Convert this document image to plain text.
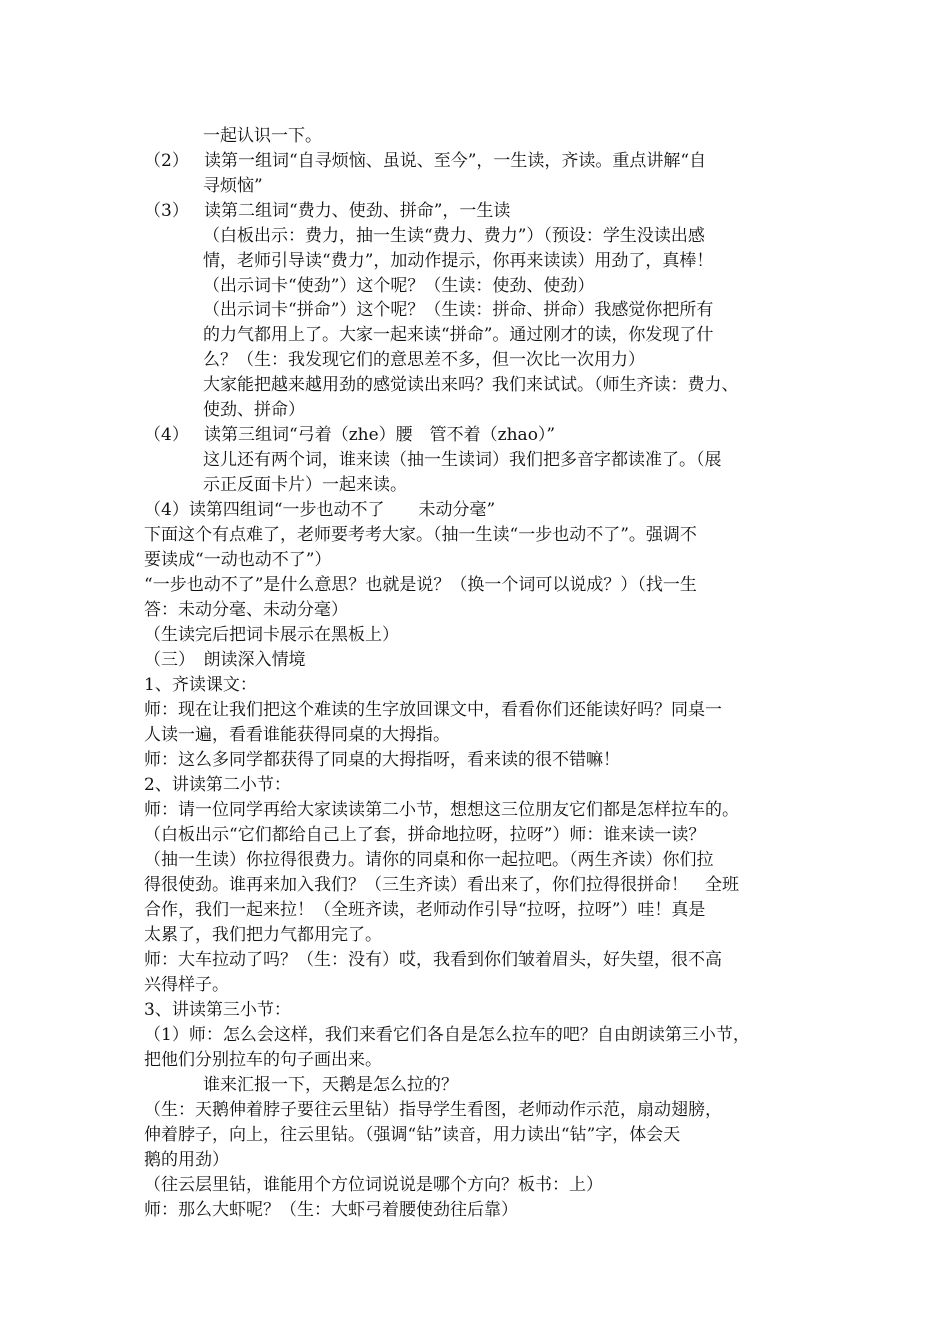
一起认识一下。
（2） 读第一组词“自寻烦恼、虽说、至今”，一生读，齐读。重点讲解“自
寻烦恼”
（3） 读第二组词“费力、使劲、拼命”，一生读
（白板出示：费力，抽一生读“费力、费力”）（预设：学生没读出感
情，老师引导读“费力”，加动作提示，你再来读读）用劲了，真棒！
（出示词卡“使劲”）这个呢？（生读：使劲、使劲）
（出示词卡“拼命”）这个呢？（生读：拼命、拼命）我感觉你把所有
的力气都用上了。大家一起来读“拼命”。通过刚才的读，你发现了什
么？（生：我发现它们的意思差不多，但一次比一次用力）
大家能把越来越用劲的感觉读出来吗？我们来试试。（师生齐读：费力、
使劲、拼命）
（4） 读第三组词“弓着（zhe）腰　管不着（zhao）”
这儿还有两个词，谁来读（抽一生读词）我们把多音字都读准了。（展
示正反面卡片）一起来读。
（4）读第四组词“一步也动不了　　未动分毫”
下面这个有点难了，老师要考考大家。（抽一生读“一步也动不了”。强调不
要读成“一动也动不了”）
“一步也动不了”是什么意思？也就是说？（换一个词可以说成？）（找一生
答：未动分毫、未动分毫）
（生读完后把词卡展示在黑板上）
（三）　朗读深入情境
1、齐读课文：
师：现在让我们把这个难读的生字放回课文中，看看你们还能读好吗？同桌一
人读一遍，看看谁能获得同桌的大拇指。
师：这么多同学都获得了同桌的大拇指呀，看来读的很不错嘛！
2、讲读第二小节：
师：请一位同学再给大家读读第二小节，想想这三位朋友它们都是怎样拉车的。
（白板出示“它们都给自己上了套，拼命地拉呀，拉呀”）师：谁来读一读？
（抽一生读）你拉得很费力。请你的同桌和你一起拉吧。（两生齐读）你们拉
得很使劲。谁再来加入我们？（三生齐读）看出来了，你们拉得很拼命！　全班
合作，我们一起来拉！（全班齐读，老师动作引导“拉呀，拉呀”）哇！真是
太累了，我们把力气都用完了。
师：大车拉动了吗？（生：没有）哎，我看到你们皱着眉头，好失望，很不高
兴得样子。
3、讲读第三小节：
（1）师：怎么会这样，我们来看它们各自是怎么拉车的吧？自由朗读第三小节，
把他们分别拉车的句子画出来。
谁来汇报一下，天鹅是怎么拉的？
（生：天鹅伸着脖子要往云里钻）指导学生看图，老师动作示范，扇动翅膀，
伸着脖子，向上，往云里钻。（强调“钻”读音，用力读出“钻”字，体会天
鹅的用劲）
（往云层里钻，谁能用个方位词说说是哪个方向？板书：上）
师：那么大虾呢？（生：大虾弓着腰使劲往后靠）
